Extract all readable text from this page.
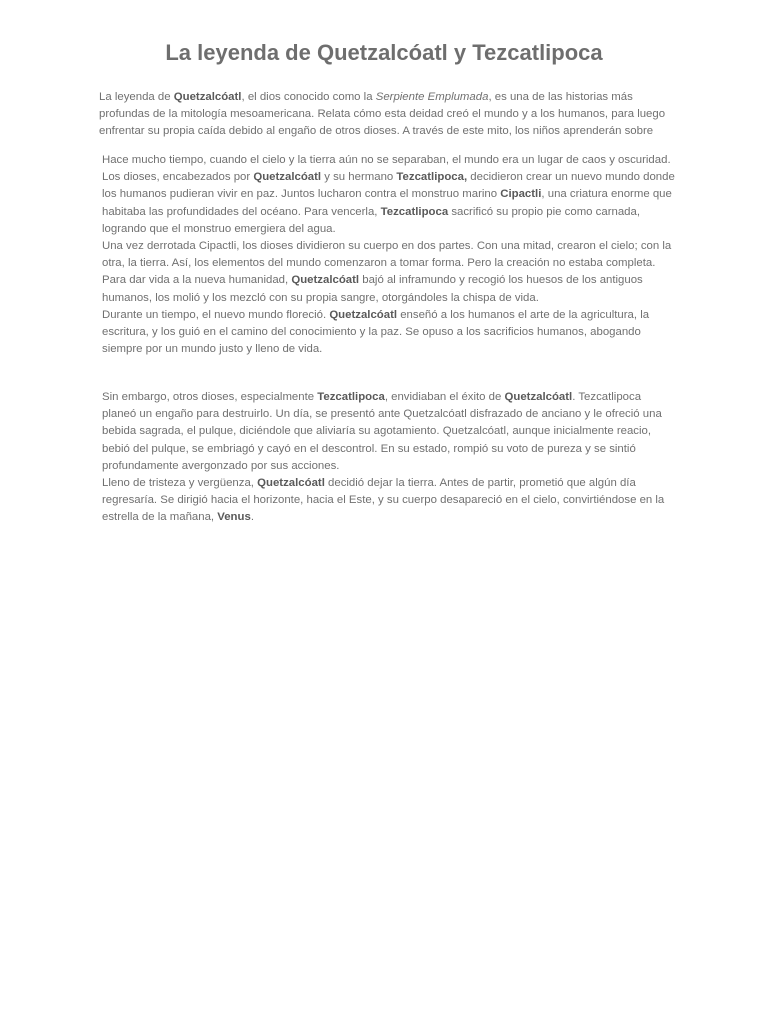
La leyenda de Quetzalcóatl y Tezcatlipoca

La leyenda de Quetzalcóatl, el dios conocido como la Serpiente Emplumada, es una de las historias más profundas de la mitología mesoamericana. Relata cómo esta deidad creó el mundo y a los humanos, para luego enfrentar su propia caída debido al engaño de otros dioses. A través de este mito, los niños aprenderán sobre

Hace mucho tiempo, cuando el cielo y la tierra aún no se separaban, el mundo era un lugar de caos y oscuridad. Los dioses, encabezados por Quetzalcóatl y su hermano Tezcatlipoca, decidieron crear un nuevo mundo donde los humanos pudieran vivir en paz. Juntos lucharon contra el monstruo marino Cipactli, una criatura enorme que habitaba las profundidades del océano. Para vencerla, Tezcatlipoca sacrificó su propio pie como carnada, logrando que el monstruo emergiera del agua.

Una vez derrotada Cipactli, los dioses dividieron su cuerpo en dos partes. Con una mitad, crearon el cielo; con la otra, la tierra. Así, los elementos del mundo comenzaron a tomar forma. Pero la creación no estaba completa. Para dar vida a la nueva humanidad, Quetzalcóatl bajó al inframundo y recogió los huesos de los antiguos humanos, los molió y los mezcló con su propia sangre, otorgándoles la chispa de vida.

Durante un tiempo, el nuevo mundo floreció. Quetzalcóatl enseñó a los humanos el arte de la agricultura, la escritura, y los guió en el camino del conocimiento y la paz. Se opuso a los sacrificios humanos, abogando siempre por un mundo justo y lleno de vida.

Sin embargo, otros dioses, especialmente Tezcatlipoca, envidiaban el éxito de Quetzalcóatl. Tezcatlipoca planeó un engaño para destruirlo. Un día, se presentó ante Quetzalcóatl disfrazado de anciano y le ofreció una bebida sagrada, el pulque, diciéndole que aliviaría su agotamiento. Quetzalcóatl, aunque inicialmente reacio, bebió del pulque, se embriagó y cayó en el descontrol. En su estado, rompió su voto de pureza y se sintió profundamente avergonzado por sus acciones.

Lleno de tristeza y vergüenza, Quetzalcóatl decidió dejar la tierra. Antes de partir, prometió que algún día regresaría. Se dirigió hacia el horizonte, hacia el Este, y su cuerpo desapareció en el cielo, convirtiéndose en la estrella de la mañana, Venus.
